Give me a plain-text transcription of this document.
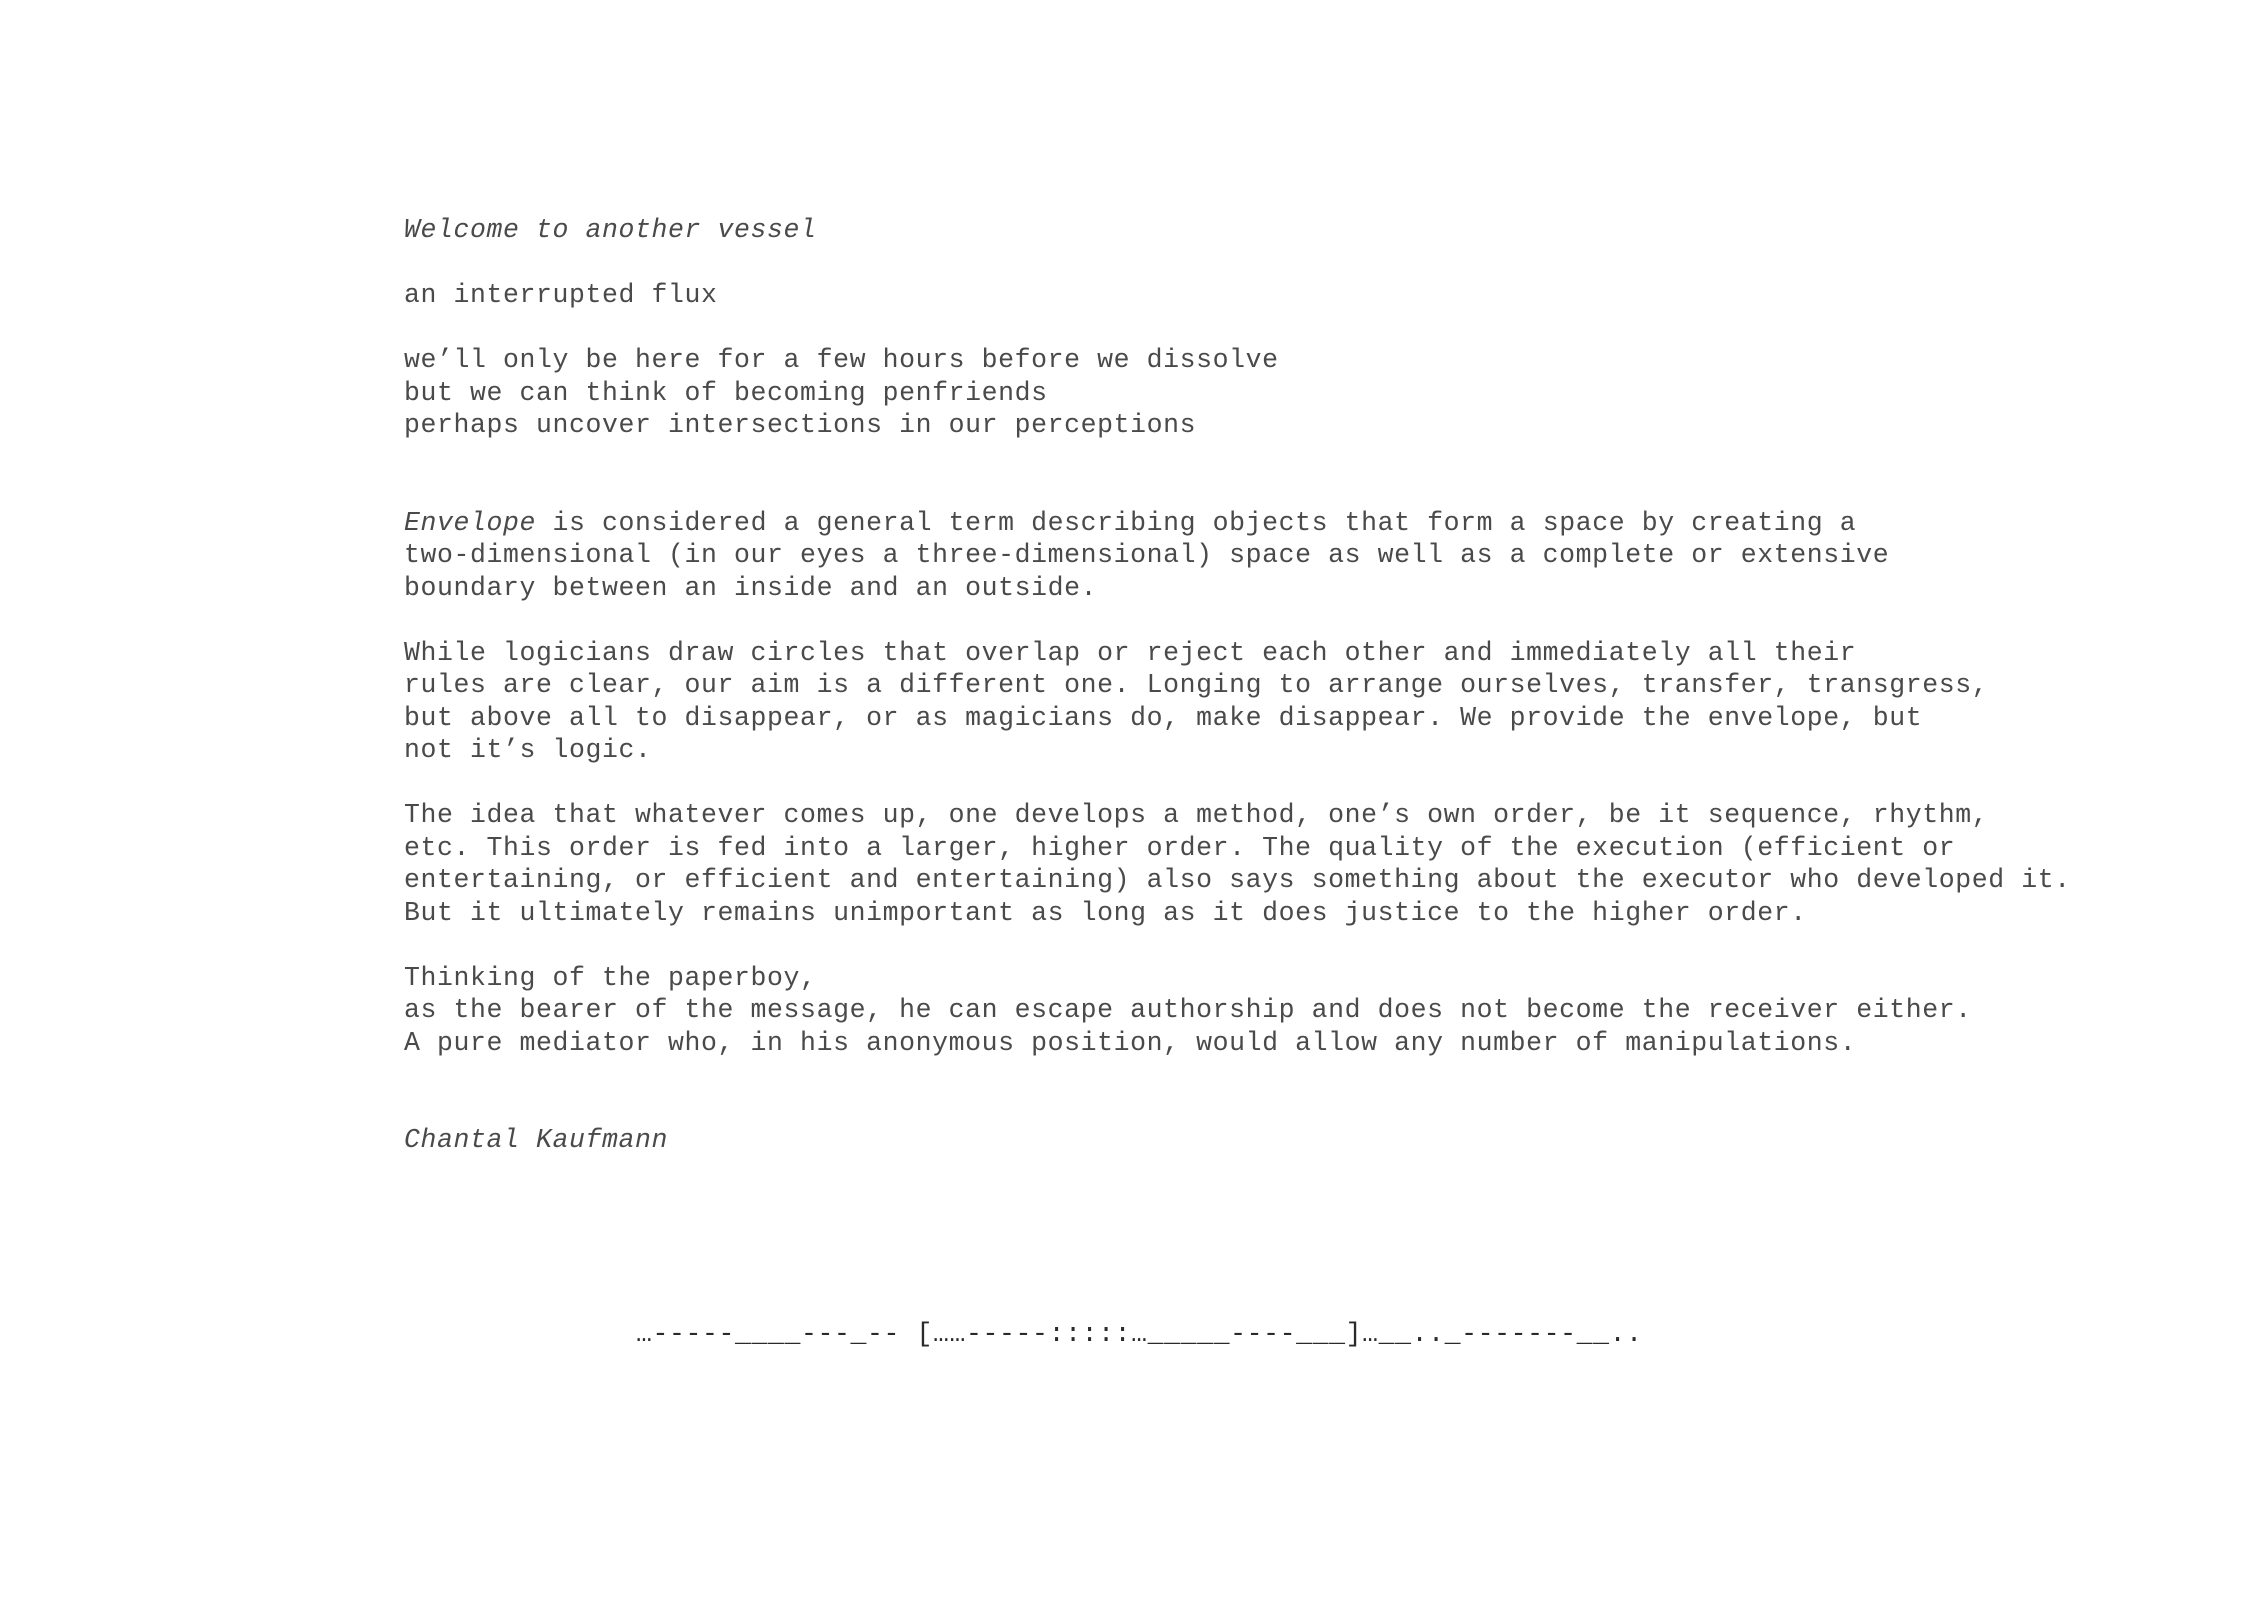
Welcome to another vessel
an interrupted flux
we’ll only be here for a few hours before we dissolve
but we can think of becoming penfriends
perhaps uncover intersections in our perceptions
Envelope is considered a general term describing objects that form a space by creating a
two-dimensional (in our eyes a three-dimensional) space as well as a complete or extensive
boundary between an inside and an outside.
While logicians draw circles that overlap or reject each other and immediately all their
rules are clear, our aim is a different one. Longing to arrange ourselves, transfer, transgress,
but above all to disappear, or as magicians do, make disappear. We provide the envelope, but
not it’s logic.
The idea that whatever comes up, one develops a method, one’s own order, be it sequence, rhythm,
etc. This order is fed into a larger, higher order. The quality of the execution (efficient or
entertaining, or efficient and entertaining) also says something about the executor who developed it.
But it ultimately remains unimportant as long as it does justice to the higher order.
Thinking of the paperboy,
as the bearer of the message, he can escape authorship and does not become the receiver either.
A pure mediator who, in his anonymous position, would allow any number of manipulations.
Chantal Kaufmann
…-----____---_-- [……-----:::::…_____----___]…__.._-------__..
